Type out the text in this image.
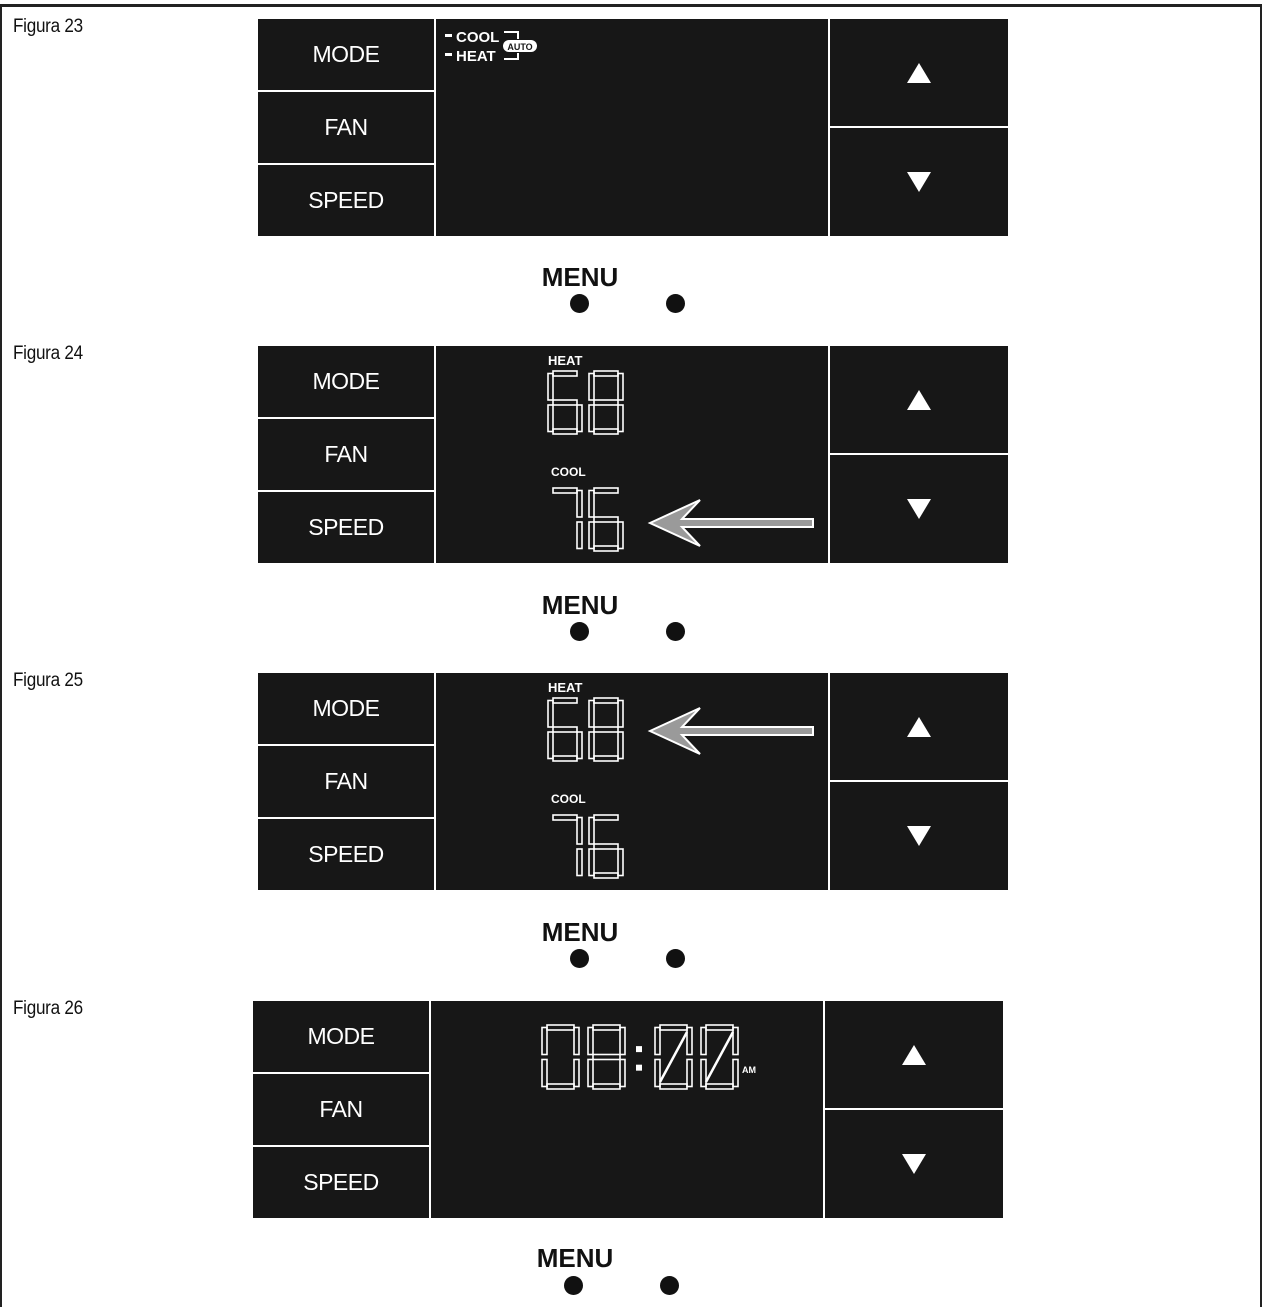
Figura 23
Figura 24
Figura 25
Figura 26
MODE
FAN
SPEED
COOL
HEAT
AUTO
MENU
MODE
FAN
SPEED
HEAT
COOL
MENU
MODE
FAN
SPEED
HEAT
COOL
MENU
MODE
FAN
SPEED
AM
MENU
